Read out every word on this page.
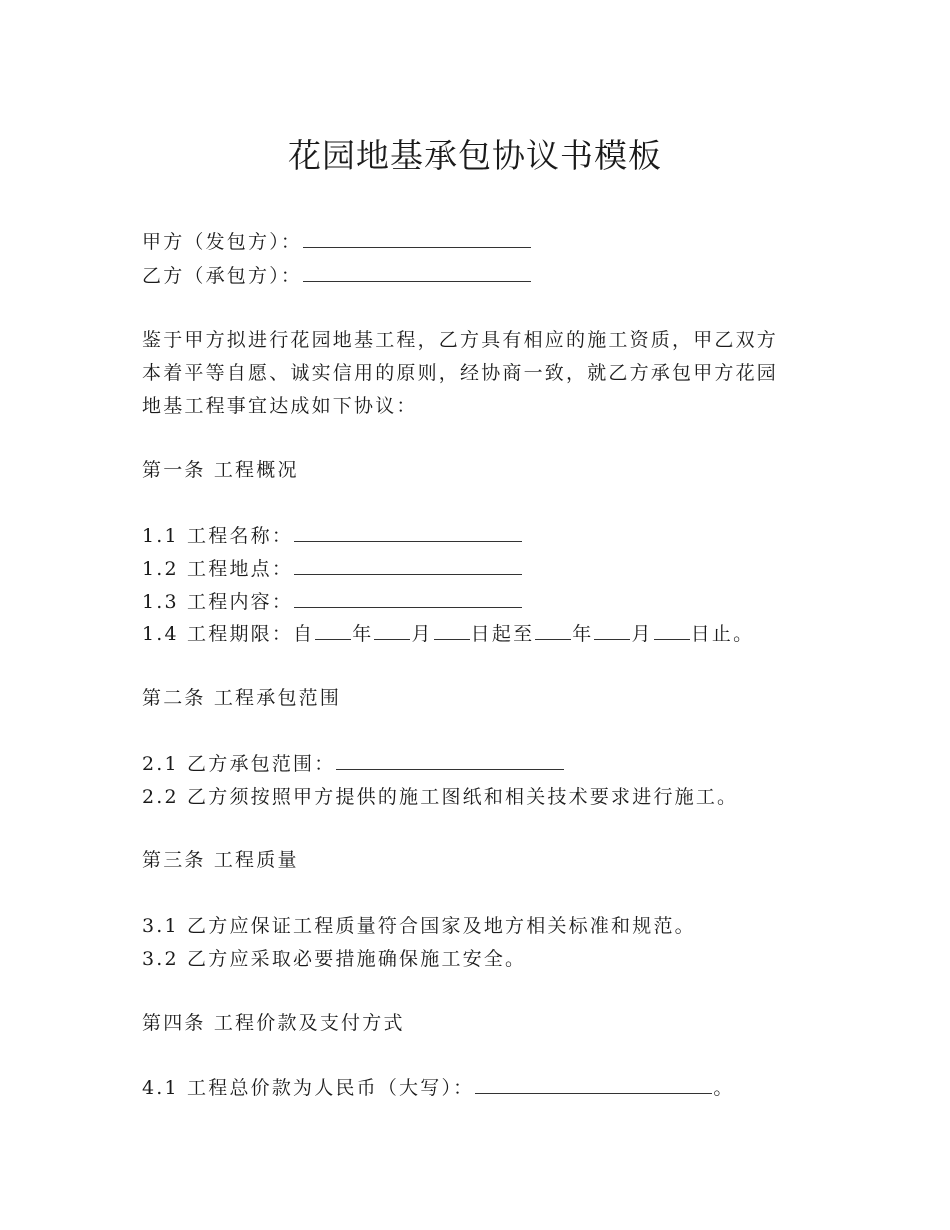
花园地基承包协议书模板
甲方（发包方）：
乙方（承包方）：
鉴于甲方拟进行花园地基工程，乙方具有相应的施工资质，甲乙双方
本着平等自愿、诚实信用的原则，经协商一致，就乙方承包甲方花园
地基工程事宜达成如下协议：
第一条 工程概况
1.1 工程名称：
1.2 工程地点：
1.3 工程内容：
1.4 工程期限：自 年 月 日起至 年 月 日止。
第二条 工程承包范围
2.1 乙方承包范围：
2.2 乙方须按照甲方提供的施工图纸和相关技术要求进行施工。
第三条 工程质量
3.1 乙方应保证工程质量符合国家及地方相关标准和规范。
3.2 乙方应采取必要措施确保施工安全。
第四条 工程价款及支付方式
4.1 工程总价款为人民币（大写）：	。
